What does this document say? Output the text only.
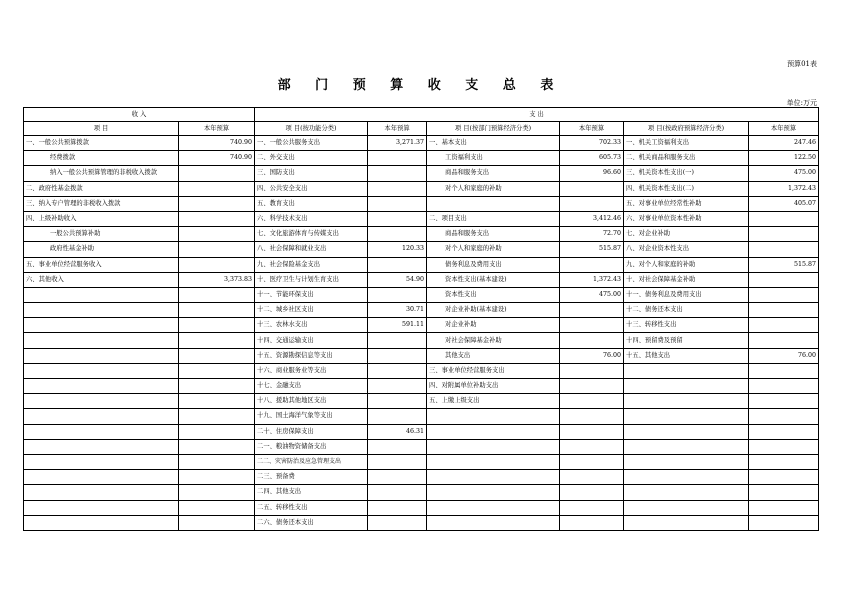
预算01表
部 门 预 算 收 支 总 表
单位:万元
收 入		支 出					
项 目	本年预算	项 目(按功能分类)	本年预算	项 目(按部门预算经济分类)	本年预算	项 目(按政府预算经济分类)	本年预算
一、一般公共预算拨款	740.90	一、一般公共服务支出	3,271.37	一、基本支出	702.33	一、机关工资福利支出	247.46
经费拨款	740.90	二、外交支出		工资福利支出	605.73	二、机关商品和服务支出	122.50
纳入一般公共预算管理的非税收入拨款		三、国防支出		商品和服务支出	96.60	三、机关资本性支出(一)	475.00
二、政府性基金拨款		四、公共安全支出		对个人和家庭的补助		四、机关资本性支出(二)	1,372.43
三、纳入专户管理的非税收入拨款		五、教育支出				五、对事业单位经常性补助	405.07
四、上级补助收入		六、科学技术支出		二、项目支出	3,412.46	六、对事业单位资本性补助	
一般公共预算补助		七、文化旅游体育与传媒支出		商品和服务支出	72.70	七、对企业补助	
政府性基金补助		八、社会保障和就业支出	120.33	对个人和家庭的补助	515.87	八、对企业资本性支出	
五、事业单位经营服务收入		九、社会保险基金支出		债务利息及费用支出		九、对个人和家庭的补助	515.87
六、其他收入	3,373.83	十、医疗卫生与计划生育支出	54.90	资本性支出(基本建设)	1,372.43	十、对社会保障基金补助	
		十一、节能环保支出		资本性支出	475.00	十一、债务利息及费用支出	
		十二、城乡社区支出	30.71	对企业补助(基本建设)		十二、债务还本支出	
		十三、农林水支出	591.11	对企业补助		十三、转移性支出	
		十四、交通运输支出		对社会保障基金补助		十四、预留费及预留	
		十五、资源勘探信息等支出		其他支出	76.00	十五、其他支出	76.00
		十六、商业服务业等支出		三、事业单位经营服务支出			
		十七、金融支出		四、对附属单位补助支出			
		十八、援助其他地区支出		五、上缴上级支出			
		十九、国土海洋气象等支出					
		二十、住房保障支出	46.31				
		二一、粮油物资储备支出					
		二二、灾害防治及应急管理支出					
		二三、预备费					
		二四、其他支出					
		二五、转移性支出					
		二六、债务还本支出					
